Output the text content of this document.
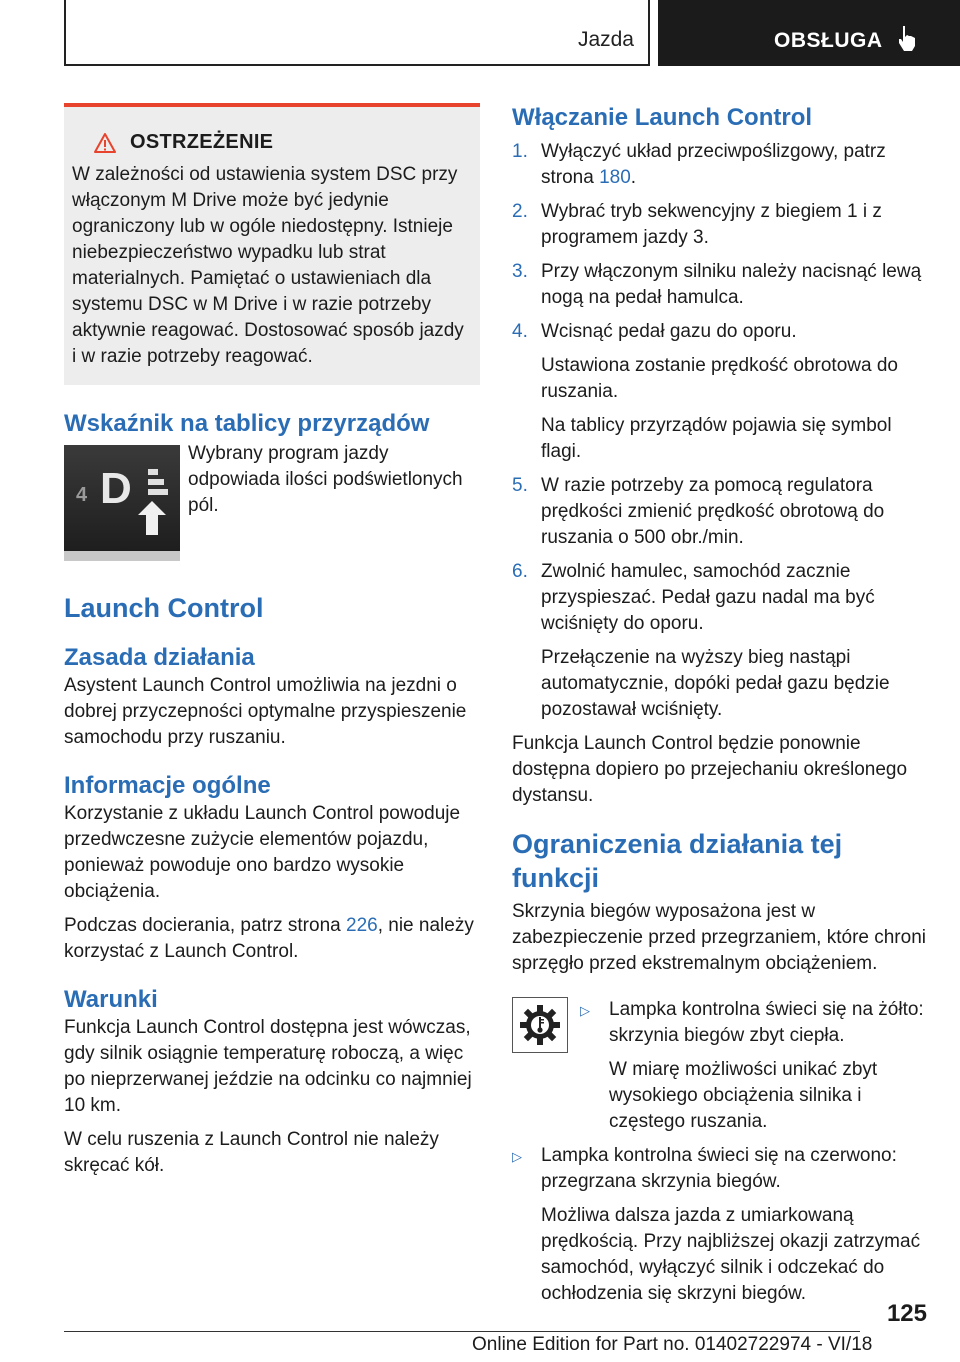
Jazda	OBSŁUGA
OSTRZEŻENIE

W zależności od ustawienia system DSC przy włączonym M Drive może być jedynie ograniczony lub w ogóle niedostępny. Istnieje niebezpieczeństwo wypadku lub strat materialnych. Pamiętać o ustawieniach dla systemu DSC w M Drive i w razie potrzeby aktywnie reagować. Dostosować sposób jazdy i w razie potrzeby reagować.

Wskaźnik na tablicy przyrządów
4 D
Wybrany program jazdy odpowiada ilości podświetlonych pól.
Launch Control
Zasada działania

Asystent Launch Control umożliwia na jezdni o dobrej przyczepności optymalne przyspieszenie samochodu przy ruszaniu.

Informacje ogólne

Korzystanie z układu Launch Control powoduje przedwczesne zużycie elementów pojazdu, ponieważ powoduje ono bardzo wysokie obciążenia.

Podczas docierania, patrz strona 226, nie należy korzystać z Launch Control.

Warunki

Funkcja Launch Control dostępna jest wówczas, gdy silnik osiągnie temperaturę roboczą, a więc po nieprzerwanej jeździe na odcinku co najmniej 10 km.

W celu ruszenia z Launch Control nie należy skręcać kół.

Włączanie Launch Control
1. Wyłączyć układ przeciwpoślizgowy, patrz strona 180.

2. Wybrać tryb sekwencyjny z biegiem 1 i z programem jazdy 3.

3. Przy włączonym silniku należy nacisnąć lewą nogą na pedał hamulca.

4. Wcisnąć pedał gazu do oporu.

Ustawiona zostanie prędkość obrotowa do ruszania.

Na tablicy przyrządów pojawia się symbol flagi.

5. W razie potrzeby za pomocą regulatora prędkości zmienić prędkość obrotową do ruszania o 500 obr./min.

6. Zwolnić hamulec, samochód zacznie przyspieszać. Pedał gazu nadal ma być wciśnięty do oporu.

Przełączenie na wyższy bieg nastąpi automatycznie, dopóki pedał gazu będzie pozostawał wciśnięty.

Funkcja Launch Control będzie ponownie dostępna dopiero po przejechaniu określonego dystansu.

Ograniczenia działania tej funkcji

Skrzynia biegów wyposażona jest w zabezpieczenie przed przegrzaniem, które chroni sprzęgło przed ekstremalnym obciążeniem.

▷	Lampka kontrolna świeci się na żółto: skrzynia biegów zbyt ciepła.

W miarę możliwości unikać zbyt wysokiego obciążenia silnika i częstego ruszania.

▷	Lampka kontrolna świeci się na czerwono: przegrzana skrzynia biegów.

Możliwa dalsza jazda z umiarkowaną prędkością. Przy najbliższej okazji zatrzymać samochód, wyłączyć silnik i odczekać do ochłodzenia się skrzyni biegów.

125
Online Edition for Part no. 01402722974 - VI/18
